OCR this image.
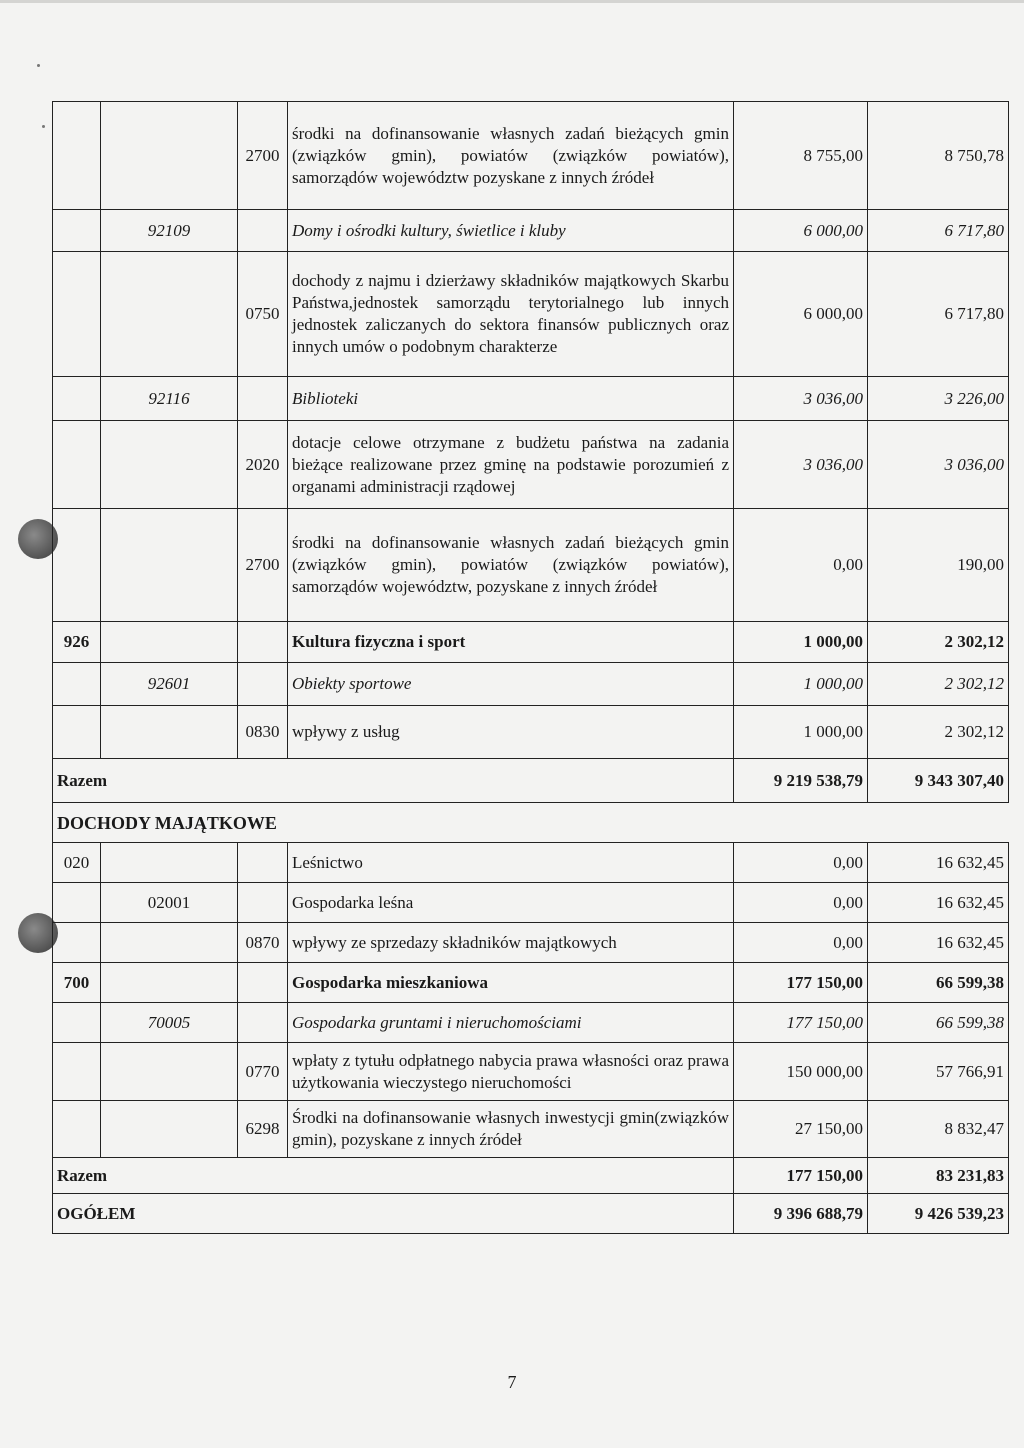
		2700	środki na dofinansowanie własnych zadań bieżących gmin (związków gmin), powiatów (związków powiatów), samorządów województw pozyskane z innych źródeł	8 755,00	8 750,78
	92109		Domy i ośrodki kultury, świetlice i kluby	6 000,00	6 717,80
		0750	dochody z najmu i dzierżawy składników majątkowych Skarbu Państwa,jednostek samorządu terytorialnego lub innych jednostek zaliczanych do sektora finansów publicznych oraz innych umów o podobnym charakterze	6 000,00	6 717,80
	92116		Biblioteki	3 036,00	3 226,00
		2020	dotacje celowe otrzymane z budżetu państwa na zadania bieżące realizowane przez gminę na podstawie porozumień z organami administracji rządowej	3 036,00	3 036,00
		2700	środki na dofinansowanie własnych zadań bieżących gmin (związków gmin), powiatów (związków powiatów), samorządów województw, pozyskane z innych źródeł	0,00	190,00
926			Kultura fizyczna i sport	1 000,00	2 302,12
	92601		Obiekty sportowe	1 000,00	2 302,12
		0830	wpływy z usług	1 000,00	2 302,12
Razem				9 219 538,79	9 343 307,40
DOCHODY MAJĄTKOWE					
020			Leśnictwo	0,00	16 632,45
	02001		Gospodarka leśna	0,00	16 632,45
		0870	wpływy ze sprzedazy składników majątkowych	0,00	16 632,45
700			Gospodarka mieszkaniowa	177 150,00	66 599,38
	70005		Gospodarka gruntami i nieruchomościami	177 150,00	66 599,38
		0770	wpłaty z tytułu odpłatnego nabycia prawa własności oraz prawa użytkowania wieczystego nieruchomości	150 000,00	57 766,91
		6298	Środki na dofinansowanie własnych inwestycji gmin(związków gmin), pozyskane z innych źródeł	27 150,00	8 832,47
Razem				177 150,00	83 231,83
OGÓŁEM				9 396 688,79	9 426 539,23
7
